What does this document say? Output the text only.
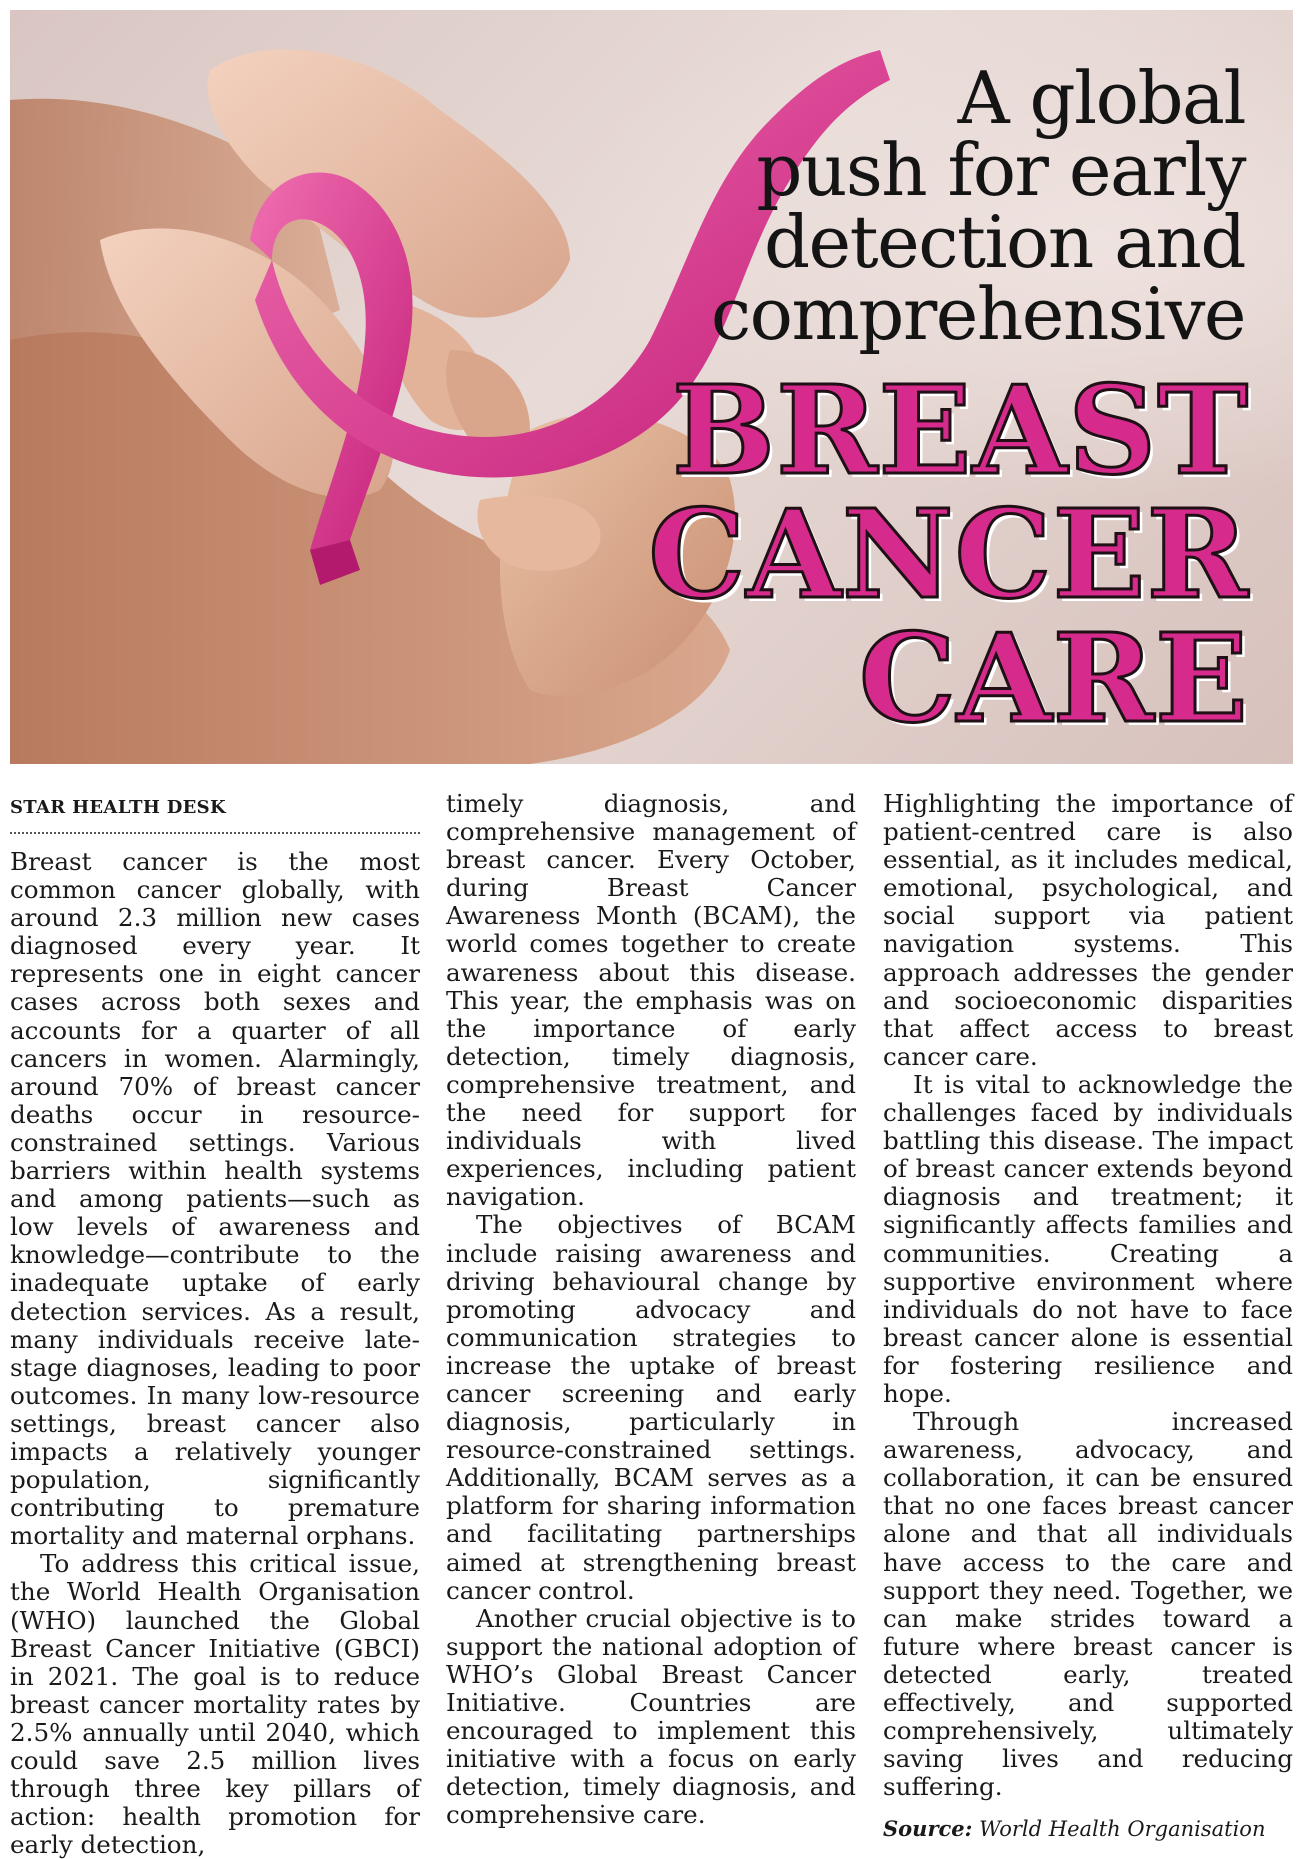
A global
push for early
detection and
comprehensive
BREAST
CANCER
CARE
STAR HEALTH DESK

Breast cancer is the most common cancer globally, with around 2.3 million new cases diagnosed every year. It represents one in eight cancer cases across both sexes and accounts for a quarter of all cancers in women. Alarmingly, around 70% of breast cancer deaths occur in resource-constrained settings. Various barriers within health systems and among patients—such as low levels of awareness and knowledge—contribute to the inadequate uptake of early detection services. As a result, many individuals receive late-stage diagnoses, leading to poor outcomes. In many low-resource settings, breast cancer also impacts a relatively younger population, significantly contributing to premature mortality and maternal orphans.

To address this critical issue, the World Health Organisation (WHO) launched the Global Breast Cancer Initiative (GBCI) in 2021. The goal is to reduce breast cancer mortality rates by 2.5% annually until 2040, which could save 2.5 million lives through three key pillars of action: health promotion for early detection,

timely diagnosis, and comprehensive management of breast cancer. Every October, during Breast Cancer Awareness Month (BCAM), the world comes together to create awareness about this disease. This year, the emphasis was on the importance of early detection, timely diagnosis, comprehensive treatment, and the need for support for individuals with lived experiences, including patient navigation.

The objectives of BCAM include raising awareness and driving behavioural change by promoting advocacy and communication strategies to increase the uptake of breast cancer screening and early diagnosis, particularly in resource-constrained settings. Additionally, BCAM serves as a platform for sharing information and facilitating partnerships aimed at strengthening breast cancer control.

Another crucial objective is to support the national adoption of WHO’s Global Breast Cancer Initiative. Countries are encouraged to implement this initiative with a focus on early detection, timely diagnosis, and comprehensive care.

Highlighting the importance of patient-centred care is also essential, as it includes medical, emotional, psychological, and social support via patient navigation systems. This approach addresses the gender and socioeconomic disparities that affect access to breast cancer care.

It is vital to acknowledge the challenges faced by individuals battling this disease. The impact of breast cancer extends beyond diagnosis and treatment; it significantly affects families and communities. Creating a supportive environment where individuals do not have to face breast cancer alone is essential for fostering resilience and hope.

Through increased awareness, advocacy, and collaboration, it can be ensured that no one faces breast cancer alone and that all individuals have access to the care and support they need. Together, we can make strides toward a future where breast cancer is detected early, treated effectively, and supported comprehensively, ultimately saving lives and reducing suffering.

Source: World Health Organisation
